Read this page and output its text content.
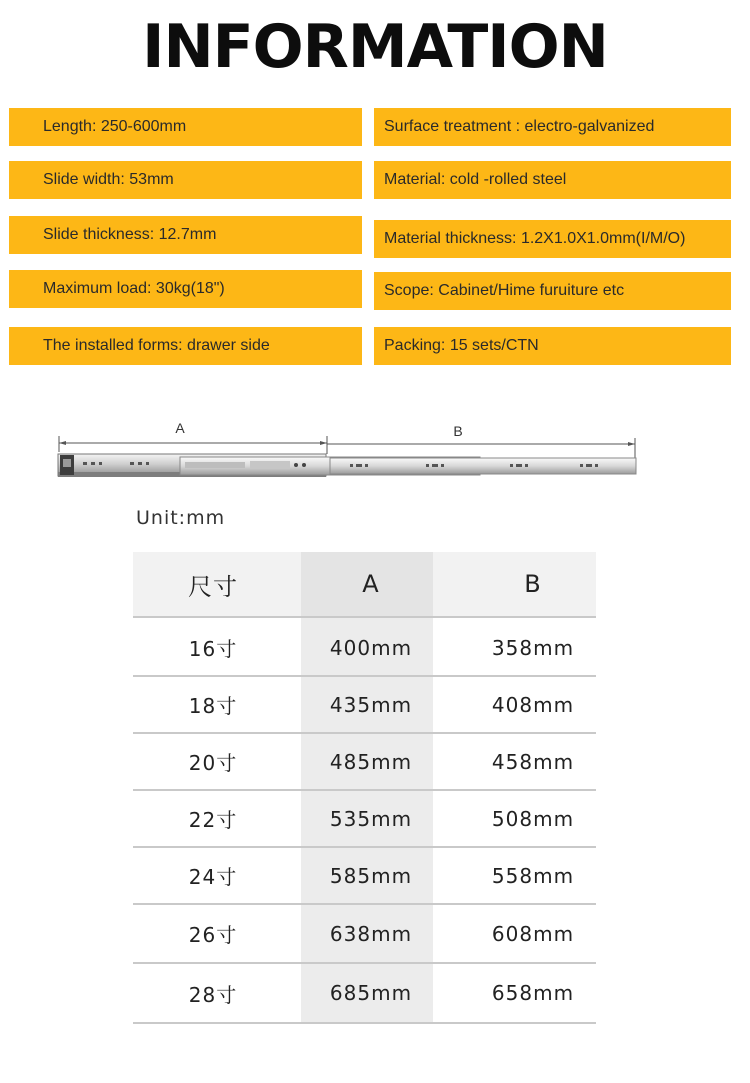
INFORMATION
Length: 250-600mm
Slide width: 53mm
Slide thickness: 12.7mm
Maximum load: 30kg(18")
The installed forms: drawer side
Surface treatment : electro-galvanized
Material: cold -rolled steel
Material thickness: 1.2X1.0X1.0mm(I/M/O)
Scope: Cabinet/Hime furuiture etc
Packing: 15 sets/CTN
A	B
Unit:mm
尺寸	A	B
16寸	400mm	358mm
18寸	435mm	408mm
20寸	485mm	458mm
22寸	535mm	508mm
24寸	585mm	558mm
26寸	638mm	608mm
28寸	685mm	658mm
